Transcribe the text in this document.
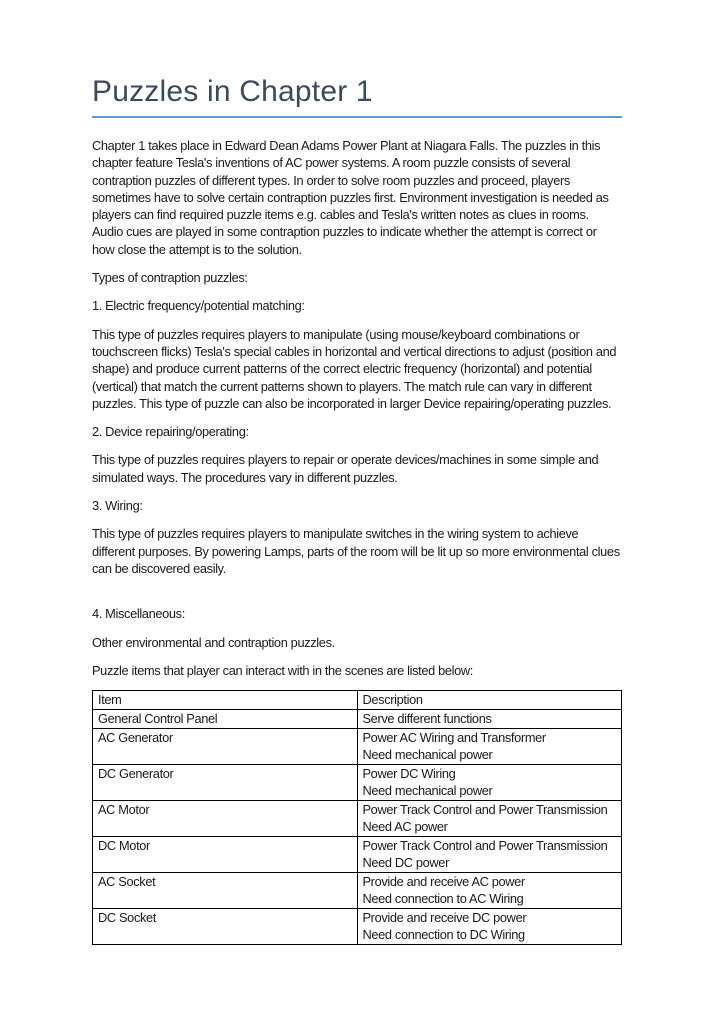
Puzzles in Chapter 1

Chapter 1 takes place in Edward Dean Adams Power Plant at Niagara Falls. The puzzles in this chapter feature Tesla's inventions of AC power systems. A room puzzle consists of several contraption puzzles of different types. In order to solve room puzzles and proceed, players sometimes have to solve certain contraption puzzles first. Environment investigation is needed as players can find required puzzle items e.g. cables and Tesla's written notes as clues in rooms. Audio cues are played in some contraption puzzles to indicate whether the attempt is correct or how close the attempt is to the solution.

Types of contraption puzzles:

1. Electric frequency/potential matching:

This type of puzzles requires players to manipulate (using mouse/keyboard combinations or touchscreen flicks) Tesla's special cables in horizontal and vertical directions to adjust (position and shape) and produce current patterns of the correct electric frequency (horizontal) and potential (vertical) that match the current patterns shown to players. The match rule can vary in different puzzles. This type of puzzle can also be incorporated in larger Device repairing/operating puzzles.

2. Device repairing/operating:

This type of puzzles requires players to repair or operate devices/machines in some simple and simulated ways. The procedures vary in different puzzles.

3. Wiring:

This type of puzzles requires players to manipulate switches in the wiring system to achieve different purposes. By powering Lamps, parts of the room will be lit up so more environmental clues can be discovered easily.

4. Miscellaneous:

Other environmental and contraption puzzles.

Puzzle items that player can interact with in the scenes are listed below:

Item	Description
General Control Panel	Serve different functions

AC Generator	Power AC Wiring and Transformer
Need mechanical power

DC Generator	Power DC Wiring
Need mechanical power

AC Motor	Power Track Control and Power Transmission
Need AC power

DC Motor	Power Track Control and Power Transmission
Need DC power

AC Socket	Provide and receive AC power
Need connection to AC Wiring

DC Socket	Provide and receive DC power
Need connection to DC Wiring
